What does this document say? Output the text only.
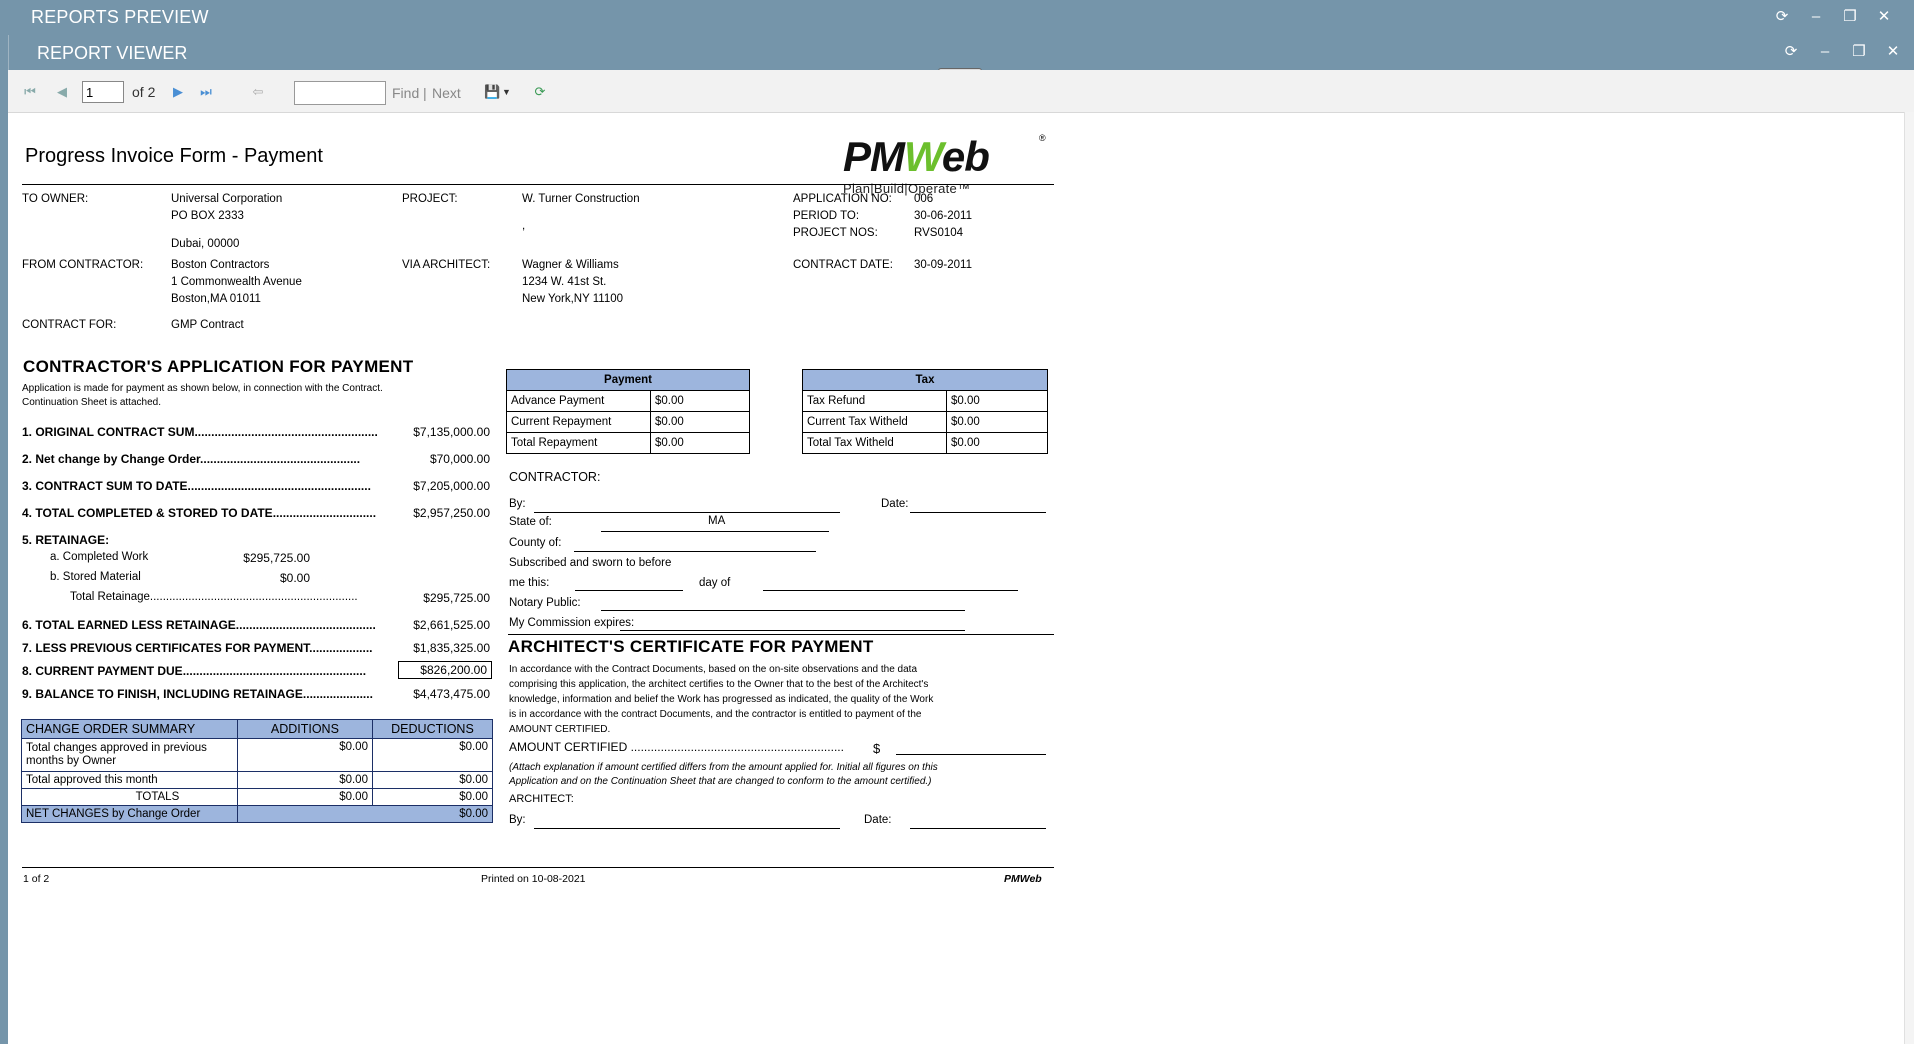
REPORTS PREVIEW	⟳	–	❐ ✕
REPORT VIEWER	⟳	–	❐ ✕
⏮ ◀
1	of 2 ▶ ⏭	⇦	Find | Next 💾 ▼ ⟳
Progress Invoice Form - Payment	PMWeb	®
Plan|Build|Operate™
TO OWNER:	Universal Corporation
PO BOX 2333
Dubai, 00000
PROJECT:	W. Turner Construction
,
APPLICATION NO: 006
PERIOD TO:	30-06-2011
PROJECT NOS:	RVS0104
FROM CONTRACTOR: Boston Contractors
1 Commonwealth Avenue
Boston,MA 01011
VIA ARCHITECT:	Wagner & Williams
1234 W. 41st St.
New York,NY 11100
CONTRACT DATE: 30-09-2011
CONTRACT FOR:	GMP Contract
CONTRACTOR'S APPLICATION FOR PAYMENT
Application is made for payment as shown below, in connection with the Contract.
Continuation Sheet is attached.
1. ORIGINAL CONTRACT SUM.......................................................	$7,135,000.00
2. Net change by Change Order................................................	$70,000.00
3. CONTRACT SUM TO DATE.......................................................	$7,205,000.00
4. TOTAL COMPLETED & STORED TO DATE...............................	$2,957,250.00
5. RETAINAGE:
a. Completed Work	$295,725.00
b. Stored Material	$0.00
Total Retainage.................................................................	$295,725.00
6. TOTAL EARNED LESS RETAINAGE..........................................	$2,661,525.00
7. LESS PREVIOUS CERTIFICATES FOR PAYMENT...................	$1,835,325.00
8. CURRENT PAYMENT DUE.......................................................	$826,200.00
9. BALANCE TO FINISH, INCLUDING RETAINAGE.....................	$4,473,475.00
CHANGE ORDER SUMMARY	ADDITIONS	DEDUCTIONS
Total changes approved in previous months by Owner	$0.00	$0.00
Total approved this month	$0.00	$0.00
TOTALS	$0.00	$0.00
NET CHANGES by Change Order	$0.00	
Payment	
Advance Payment	$0.00
Current Repayment	$0.00
Total Repayment	$0.00
Tax	
Tax Refund	$0.00
Current Tax Witheld	$0.00
Total Tax Witheld	$0.00
CONTRACTOR:
By:	Date:
State of:	MA
County of:
Subscribed and sworn to before
me this:	day of
Notary Public:
My Commission expires:
ARCHITECT'S CERTIFICATE FOR PAYMENT
In accordance with the Contract Documents, based on the on-site observations and the data
comprising this application, the architect certifies to the Owner that to the best of the Architect's
knowledge, information and belief the Work has progressed as indicated, the quality of the Work
is in accordance with the contract Documents, and the contractor is entitled to payment of the
AMOUNT CERTIFIED.
AMOUNT CERTIFIED ................................................................ $
(Attach explanation if amount certified differs from the amount applied for. Initial all figures on this
Application and on the Continuation Sheet that are changed to conform to the amount certified.)
ARCHITECT:
By:	Date:
1 of 2	Printed on 10-08-2021	PMWeb
